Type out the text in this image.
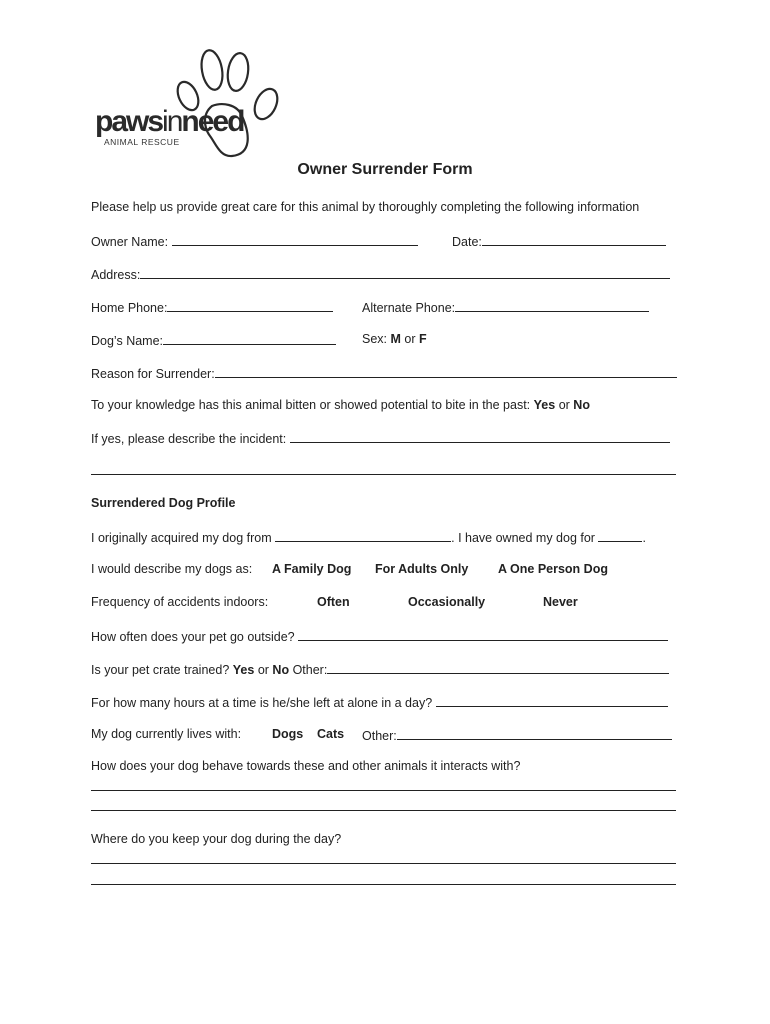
pawsinneed
ANIMAL RESCUE
Owner Surrender Form
Please help us provide great care for this animal by thoroughly completing the following information
Owner Name:	Date:
Address:
Home Phone:	Alternate Phone:
Dog’s Name:	Sex: M or F
Reason for Surrender:
To your knowledge has this animal bitten or showed potential to bite in the past: Yes or No
If yes, please describe the incident:
Surrendered Dog Profile
I originally acquired my dog from	. I have owned my dog for	.
I would describe my dogs as: A Family Dog For Adults Only A One Person Dog
Frequency of accidents indoors:	Often	Occasionally	Never
How often does your pet go outside?
Is your pet crate trained? Yes or No Other:
For how many hours at a time is he/she left at alone in a day?
My dog currently lives with: Dogs Cats Other:
How does your dog behave towards these and other animals it interacts with?
Where do you keep your dog during the day?
